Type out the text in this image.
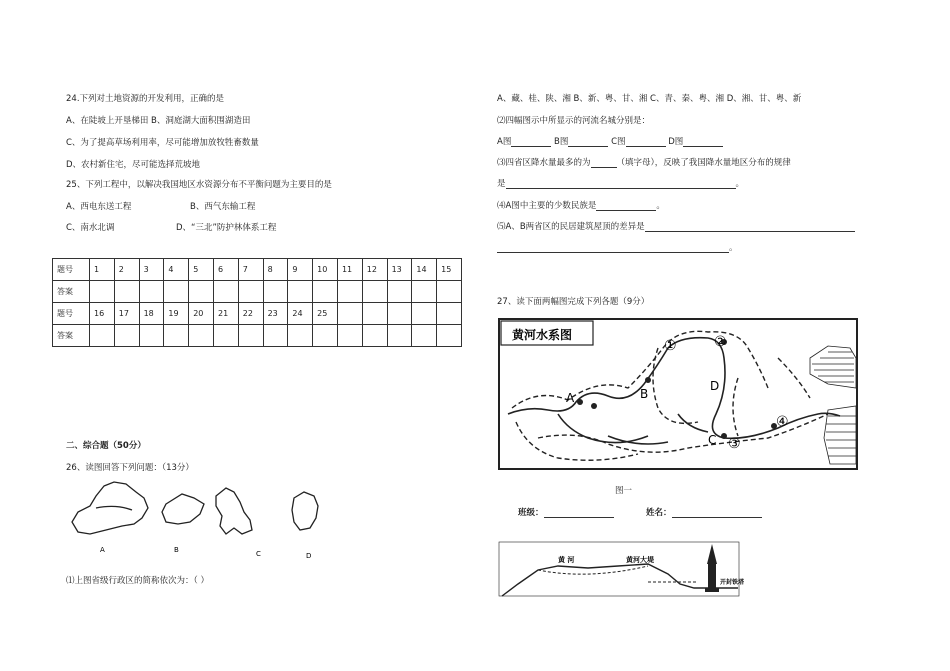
24.下列对土地资源的开发利用，正确的是
A、在陡坡上开垦梯田 B、洞庭湖大面积围湖造田
C、为了提高草场利用率，尽可能增加放牧牲畜数量
D、农村新住宅，尽可能选择荒坡地
25、下列工程中，以解决我国地区水资源分布不平衡问题为主要目的是
A、西电东送工程	B、西气东输工程
C、南水北调	D、“三北”防护林体系工程
题号	1	2	3	4	5	6	7	8	9	10	11	12	13	14	15
答案															
题号	16	17	18	19	20	21	22	23	24	25					
答案															
二、综合题（50分）
26、读图回答下列问题：（13分）
A	B	C	D
⑴上图省级行政区的简称依次为：（ ）
A、藏、桂、陕、湘 B、新、粤、甘、湘 C、青、秦、粤、湘 D、湘、甘、粤、新
⑵四幅图示中所显示的河流名城分别是：
A图	B图	C图	D图
⑶四省区降水量最多的为	（填字母），反映了我国降水量地区分布的规律
是	。
⑷A图中主要的少数民族是	。
⑸A、B两省区的民居建筑屋顶的差异是
。
27、读下面两幅图完成下列各题（9分）
黄河水系图
A	B
C
D
①	②
③
④
图一
班级：	姓名：
黄 河	黄河大堤
开封铁塔
